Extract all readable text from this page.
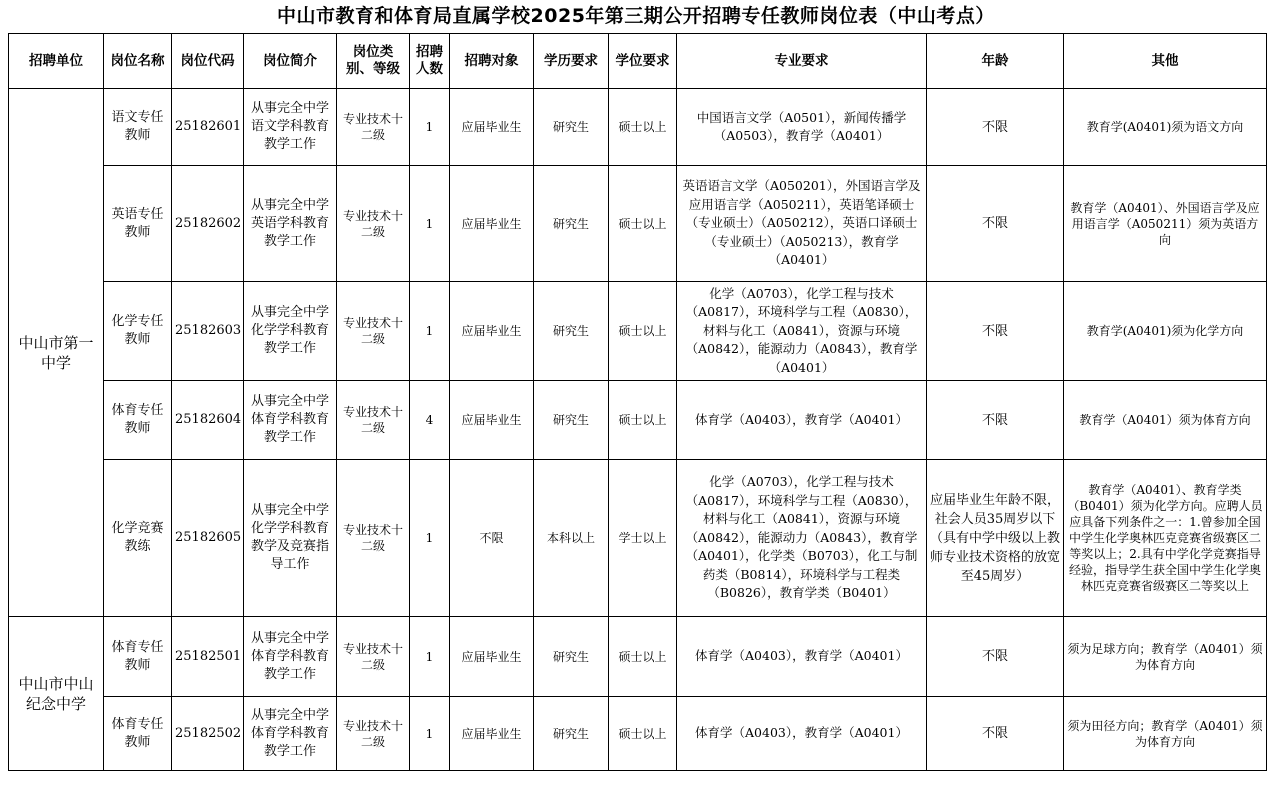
中山市教育和体育局直属学校2025年第三期公开招聘专任教师岗位表（中山考点）
招聘单位	岗位名称	岗位代码	岗位简介	岗位类别、等级	招聘人数	招聘对象	学历要求	学位要求	专业要求	年龄	其他
中山市第一中学	语文专任教师	25182601	从事完全中学语文学科教育教学工作	专业技术十二级	1	应届毕业生	研究生	硕士以上	中国语言文学（A0501），新闻传播学（A0503），教育学（A0401）	不限	教育学(A0401)须为语文方向
	英语专任教师	25182602	从事完全中学英语学科教育教学工作	专业技术十二级	1	应届毕业生	研究生	硕士以上	英语语言文学（A050201），外国语言学及应用语言学（A050211），英语笔译硕士（专业硕士）（A050212），英语口译硕士（专业硕士）（A050213），教育学（A0401）	不限	教育学（A0401）、外国语言学及应用语言学（A050211）须为英语方向
	化学专任教师	25182603	从事完全中学化学学科教育教学工作	专业技术十二级	1	应届毕业生	研究生	硕士以上	化学（A0703），化学工程与技术（A0817），环境科学与工程（A0830），材料与化工（A0841），资源与环境（A0842），能源动力（A0843），教育学（A0401）	不限	教育学(A0401)须为化学方向
	体育专任教师	25182604	从事完全中学体育学科教育教学工作	专业技术十二级	4	应届毕业生	研究生	硕士以上	体育学（A0403），教育学（A0401）	不限	教育学（A0401）须为体育方向
	化学竞赛教练	25182605	从事完全中学化学学科教育教学及竞赛指导工作	专业技术十二级	1	不限	本科以上	学士以上	化学（A0703），化学工程与技术（A0817），环境科学与工程（A0830），材料与化工（A0841），资源与环境（A0842），能源动力（A0843），教育学（A0401），化学类（B0703），化工与制药类（B0814），环境科学与工程类（B0826），教育学类（B0401）	应届毕业生年龄不限，社会人员35周岁以下（具有中学中级以上教师专业技术资格的放宽至45周岁）	教育学（A0401）、教育学类（B0401）须为化学方向。应聘人员应具备下列条件之一：1.曾参加全国中学生化学奥林匹克竞赛省级赛区二等奖以上；2.具有中学化学竞赛指导经验，指导学生获全国中学生化学奥林匹克竞赛省级赛区二等奖以上
中山市中山纪念中学	体育专任教师	25182501	从事完全中学体育学科教育教学工作	专业技术十二级	1	应届毕业生	研究生	硕士以上	体育学（A0403），教育学（A0401）	不限	须为足球方向；教育学（A0401）须为体育方向
	体育专任教师	25182502	从事完全中学体育学科教育教学工作	专业技术十二级	1	应届毕业生	研究生	硕士以上	体育学（A0403），教育学（A0401）	不限	须为田径方向；教育学（A0401）须为体育方向
